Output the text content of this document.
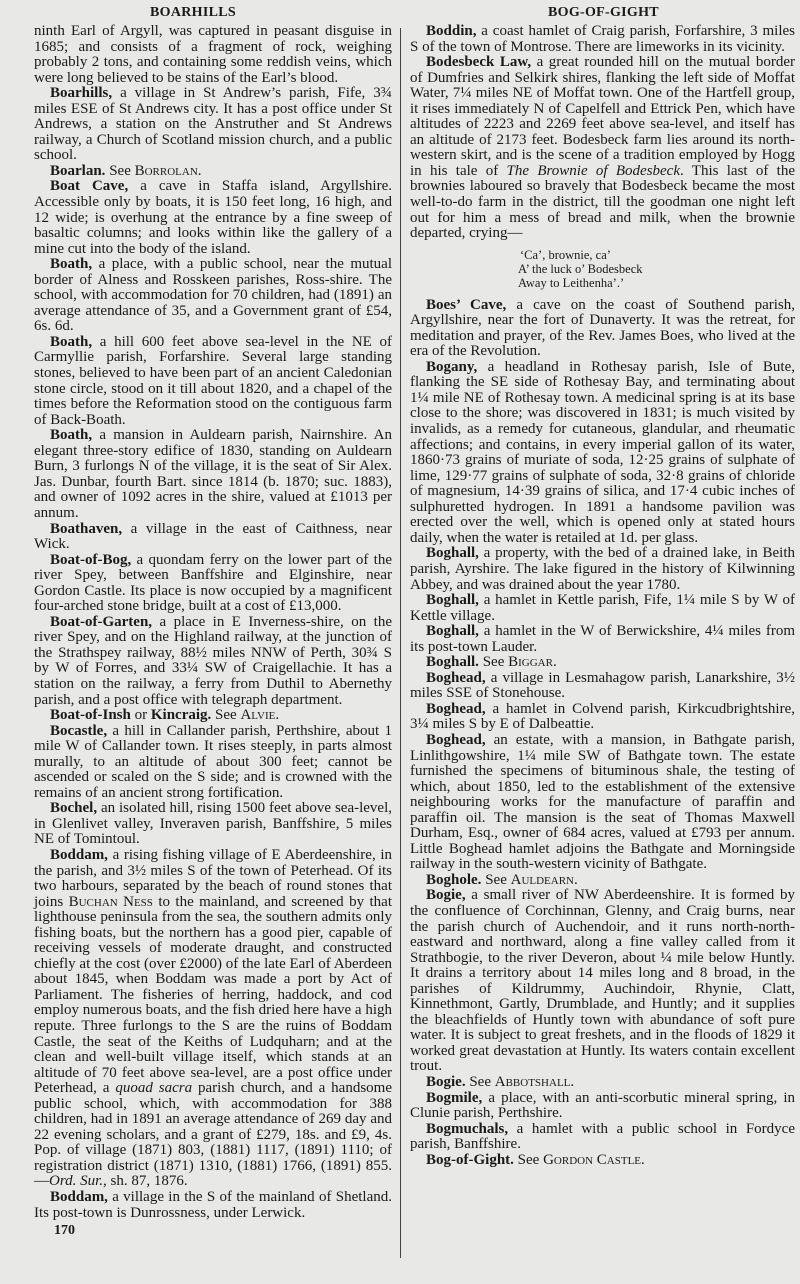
BOARHILLS	BOG-OF-GIGHT

ninth Earl of Argyll, was captured in peasant disguise in 1685; and consists of a fragment of rock, weighing probably 2 tons, and containing some reddish veins, which were long believed to be stains of the Earl’s blood.

Boarhills, a village in St Andrew’s parish, Fife, 3¾ miles ESE of St Andrews city. It has a post office under St Andrews, a station on the Anstruther and St Andrews railway, a Church of Scotland mission church, and a public school.

Boarlan. See Borrolan.

Boat Cave, a cave in Staffa island, Argyllshire. Accessible only by boats, it is 150 feet long, 16 high, and 12 wide; is overhung at the entrance by a fine sweep of basaltic columns; and looks within like the gallery of a mine cut into the body of the island.

Boath, a place, with a public school, near the mutual border of Alness and Rosskeen parishes, Ross-shire. The school, with accommodation for 70 children, had (1891) an average attendance of 35, and a Government grant of £54, 6s. 6d.

Boath, a hill 600 feet above sea-level in the NE of Carmyllie parish, Forfarshire. Several large standing stones, believed to have been part of an ancient Caledonian stone circle, stood on it till about 1820, and a chapel of the times before the Reformation stood on the contiguous farm of Back-Boath.

Boath, a mansion in Auldearn parish, Nairnshire. An elegant three-story edifice of 1830, standing on Auldearn Burn, 3 furlongs N of the village, it is the seat of Sir Alex. Jas. Dunbar, fourth Bart. since 1814 (b. 1870; suc. 1883), and owner of 1092 acres in the shire, valued at £1013 per annum.

Boathaven, a village in the east of Caithness, near Wick.

Boat-of-Bog, a quondam ferry on the lower part of the river Spey, between Banffshire and Elginshire, near Gordon Castle. Its place is now occupied by a magnificent four-arched stone bridge, built at a cost of £13,000.

Boat-of-Garten, a place in E Inverness-shire, on the river Spey, and on the Highland railway, at the junction of the Strathspey railway, 88½ miles NNW of Perth, 30¾ S by W of Forres, and 33¼ SW of Craigellachie. It has a station on the railway, a ferry from Duthil to Abernethy parish, and a post office with telegraph department.

Boat-of-Insh or Kincraig. See Alvie.

Bocastle, a hill in Callander parish, Perthshire, about 1 mile W of Callander town. It rises steeply, in parts almost murally, to an altitude of about 300 feet; cannot be ascended or scaled on the S side; and is crowned with the remains of an ancient strong fortification.

Bochel, an isolated hill, rising 1500 feet above sea-level, in Glenlivet valley, Inveraven parish, Banffshire, 5 miles NE of Tomintoul.

Boddam, a rising fishing village of E Aberdeenshire, in the parish, and 3½ miles S of the town of Peterhead. Of its two harbours, separated by the beach of round stones that joins Buchan Ness to the mainland, and screened by that lighthouse peninsula from the sea, the southern admits only fishing boats, but the northern has a good pier, capable of receiving vessels of moderate draught, and constructed chiefly at the cost (over £2000) of the late Earl of Aberdeen about 1845, when Boddam was made a port by Act of Parliament. The fisheries of herring, haddock, and cod employ numerous boats, and the fish dried here have a high repute. Three furlongs to the S are the ruins of Boddam Castle, the seat of the Keiths of Ludquharn; and at the clean and well-built village itself, which stands at an altitude of 70 feet above sea-level, are a post office under Peterhead, a quoad sacra parish church, and a handsome public school, which, with accommodation for 388 children, had in 1891 an average attendance of 269 day and 22 evening scholars, and a grant of £279, 18s. and £9, 4s. Pop. of village (1871) 803, (1881) 1117, (1891) 1110; of registration district (1871) 1310, (1881) 1766, (1891) 855.—Ord. Sur., sh. 87, 1876.

Boddam, a village in the S of the mainland of Shetland. Its post-town is Dunrossness, under Lerwick.

170

Boddin, a coast hamlet of Craig parish, Forfarshire, 3 miles S of the town of Montrose. There are limeworks in its vicinity.

Bodesbeck Law, a great rounded hill on the mutual border of Dumfries and Selkirk shires, flanking the left side of Moffat Water, 7¼ miles NE of Moffat town. One of the Hartfell group, it rises immediately N of Capelfell and Ettrick Pen, which have altitudes of 2223 and 2269 feet above sea-level, and itself has an altitude of 2173 feet. Bodesbeck farm lies around its north-western skirt, and is the scene of a tradition employed by Hogg in his tale of The Brownie of Bodesbeck. This last of the brownies laboured so bravely that Bodesbeck became the most well-to-do farm in the district, till the goodman one night left out for him a mess of bread and milk, when the brownie departed, crying—

‘Ca’, brownie, ca’
A’ the luck o’ Bodesbeck
Away to Leithenha’.’

Boes’ Cave, a cave on the coast of Southend parish, Argyllshire, near the fort of Dunaverty. It was the retreat, for meditation and prayer, of the Rev. James Boes, who lived at the era of the Revolution.

Bogany, a headland in Rothesay parish, Isle of Bute, flanking the SE side of Rothesay Bay, and terminating about 1¼ mile NE of Rothesay town. A medicinal spring is at its base close to the shore; was discovered in 1831; is much visited by invalids, as a remedy for cutaneous, glandular, and rheumatic affections; and contains, in every imperial gallon of its water, 1860·73 grains of muriate of soda, 12·25 grains of sulphate of lime, 129·77 grains of sulphate of soda, 32·8 grains of chloride of magnesium, 14·39 grains of silica, and 17·4 cubic inches of sulphuretted hydrogen. In 1891 a handsome pavilion was erected over the well, which is opened only at stated hours daily, when the water is retailed at 1d. per glass.

Boghall, a property, with the bed of a drained lake, in Beith parish, Ayrshire. The lake figured in the history of Kilwinning Abbey, and was drained about the year 1780.

Boghall, a hamlet in Kettle parish, Fife, 1¼ mile S by W of Kettle village.

Boghall, a hamlet in the W of Berwickshire, 4¼ miles from its post-town Lauder.

Boghall. See Biggar.

Boghead, a village in Lesmahagow parish, Lanarkshire, 3½ miles SSE of Stonehouse.

Boghead, a hamlet in Colvend parish, Kirkcudbrightshire, 3¼ miles S by E of Dalbeattie.

Boghead, an estate, with a mansion, in Bathgate parish, Linlithgowshire, 1¼ mile SW of Bathgate town. The estate furnished the specimens of bituminous shale, the testing of which, about 1850, led to the establishment of the extensive neighbouring works for the manufacture of paraffin and paraffin oil. The mansion is the seat of Thomas Maxwell Durham, Esq., owner of 684 acres, valued at £793 per annum. Little Boghead hamlet adjoins the Bathgate and Morningside railway in the south-western vicinity of Bathgate.

Boghole. See Auldearn.

Bogie, a small river of NW Aberdeenshire. It is formed by the confluence of Corchinnan, Glenny, and Craig burns, near the parish church of Auchendoir, and it runs north-north-eastward and northward, along a fine valley called from it Strathbogie, to the river Deveron, about ¼ mile below Huntly. It drains a territory about 14 miles long and 8 broad, in the parishes of Kildrummy, Auchindoir, Rhynie, Clatt, Kinnethmont, Gartly, Drumblade, and Huntly; and it supplies the bleachfields of Huntly town with abundance of soft pure water. It is subject to great freshets, and in the floods of 1829 it worked great devastation at Huntly. Its waters contain excellent trout.

Bogie. See Abbotshall.

Bogmile, a place, with an anti-scorbutic mineral spring, in Clunie parish, Perthshire.

Bogmuchals, a hamlet with a public school in Fordyce parish, Banffshire.

Bog-of-Gight. See Gordon Castle.
